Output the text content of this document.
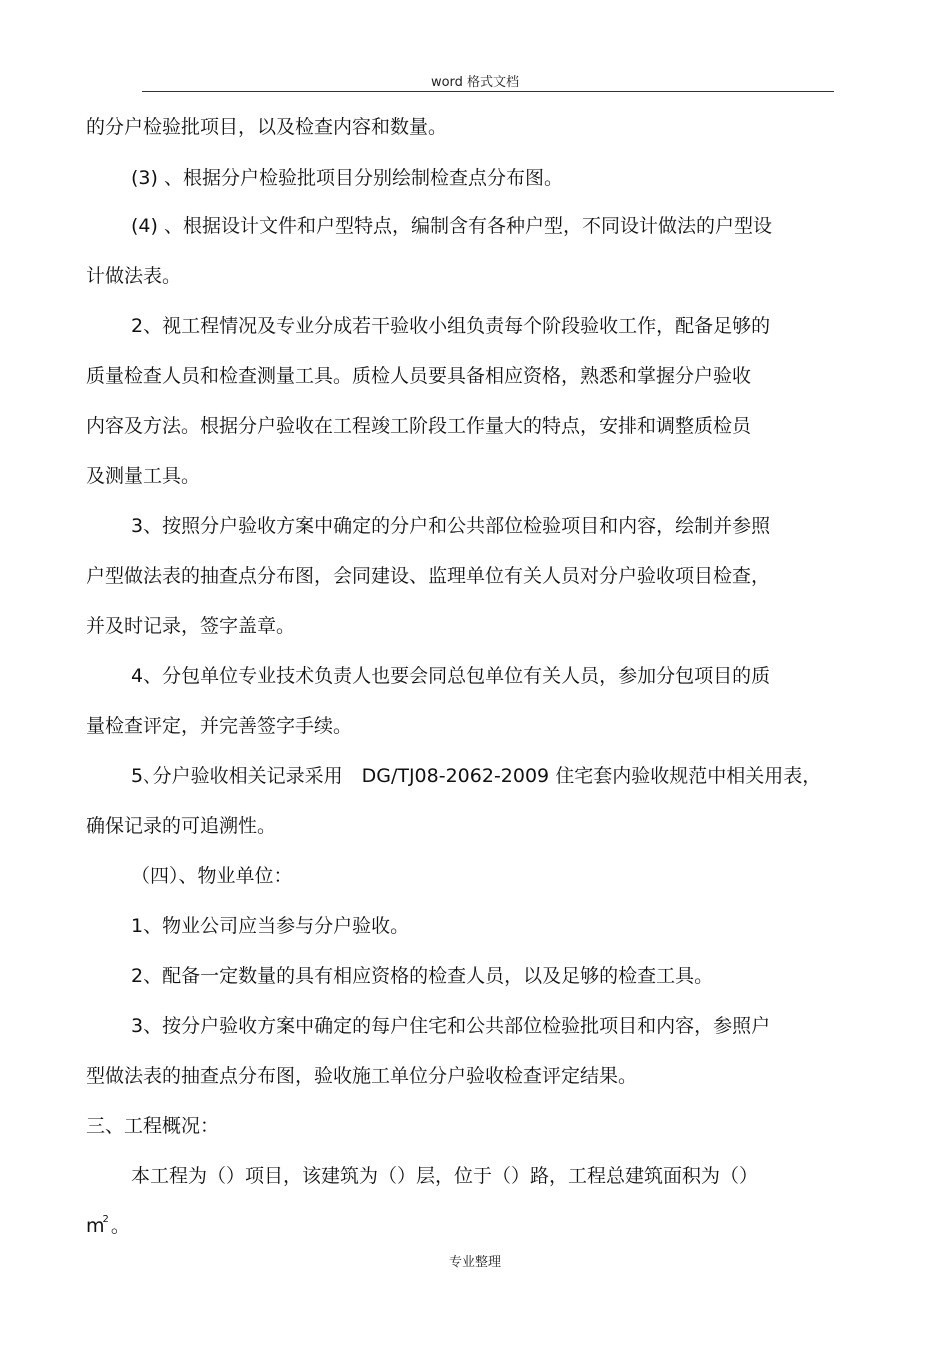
word 格式文档
的分户检验批项目，以及检查内容和数量。
(3) 、根据分户检验批项目分别绘制检查点分布图。
(4) 、根据设计文件和户型特点，编制含有各种户型，不同设计做法的户型设
计做法表。
2、视工程情况及专业分成若干验收小组负责每个阶段验收工作，配备足够的
质量检查人员和检查测量工具。质检人员要具备相应资格，熟悉和掌握分户验收
内容及方法。根据分户验收在工程竣工阶段工作量大的特点，安排和调整质检员
及测量工具。
3、按照分户验收方案中确定的分户和公共部位检验项目和内容，绘制并参照
户型做法表的抽查点分布图，会同建设、监理单位有关人员对分户验收项目检查，
并及时记录，签字盖章。
4、分包单位专业技术负责人也要会同总包单位有关人员，参加分包项目的质
量检查评定，并完善签字手续。
5､分户验收相关记录采用　DG/TJ08-2062-2009 住宅套内验收规范中相关用表，
确保记录的可追溯性。
（四）、物业单位：
1、物业公司应当参与分户验收。
2、配备一定数量的具有相应资格的检查人员，以及足够的检查工具。
3、按分户验收方案中确定的每户住宅和公共部位检验批项目和内容，参照户
型做法表的抽查点分布图，验收施工单位分户验收检查评定结果。
三、工程概况：
本工程为（）项目，该建筑为（）层，位于（）路，工程总建筑面积为（）
$m^2$ 。
专业整理
